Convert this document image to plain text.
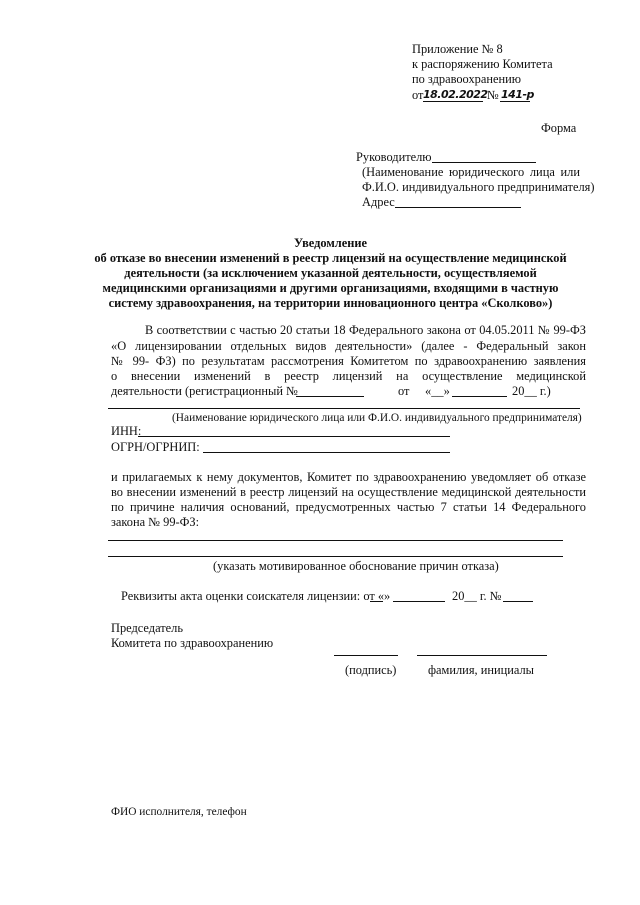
Приложение № 8
к распоряжению Комитета
по здравоохранению
от 18.02.2022 № 141-р
Форма
Руководителю
(Наименование юридического лица или
Ф.И.О. индивидуального предпринимателя)
Адрес
Уведомление
об отказе во внесении изменений в реестр лицензий на осуществление медицинской
деятельности (за исключением указанной деятельности, осуществляемой
медицинскими организациями и другими организациями, входящими в частную
систему здравоохранения, на территории инновационного центра «Сколково»)
В соответствии с частью 20 статьи 18 Федерального закона от 04.05.2011 № 99-ФЗ
«О лицензировании отдельных видов деятельности» (далее - Федеральный закон
№ 99- ФЗ) по результатам рассмотрения Комитетом по здравоохранению заявления
о внесении изменений в реестр лицензий на осуществление медицинской
деятельности (регистрационный №	от «__»	20__ г.)
(Наименование юридического лица или Ф.И.О. индивидуального предпринимателя)
ИНН:
ОГРН/ОГРНИП:
и прилагаемых к нему документов, Комитет по здравоохранению уведомляет об отказе
во внесении изменений в реестр лицензий на осуществление медицинской деятельности
по причине наличия оснований, предусмотренных частью 7 статьи 14 Федерального
закона № 99-ФЗ:
(указать мотивированное обоснование причин отказа)
Реквизиты акта оценки соискателя лицензии: от « »	20__ г. №
Председатель
Комитета по здравоохранению
(подпись)	фамилия, инициалы
ФИО исполнителя, телефон
